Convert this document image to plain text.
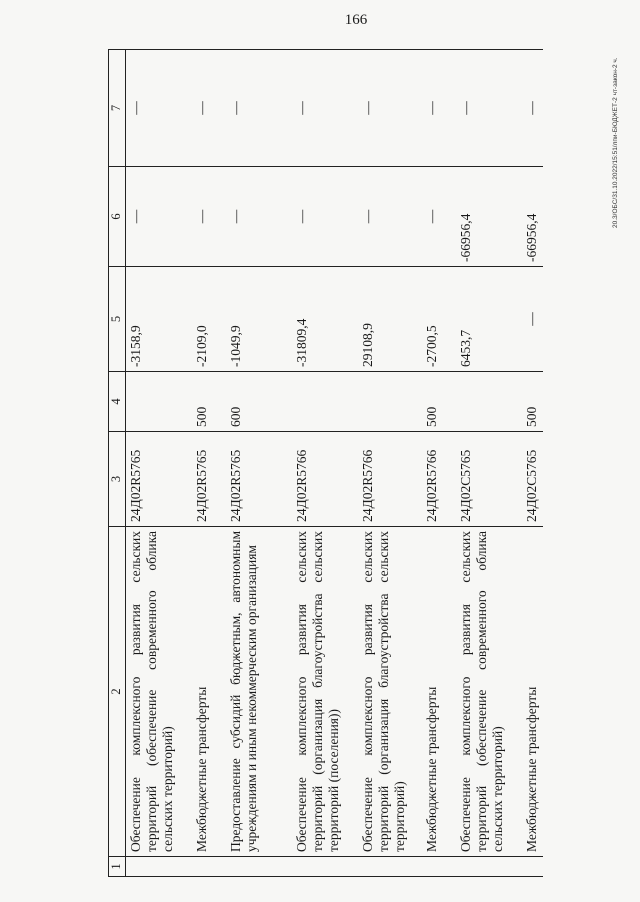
166
1	2	3	4	5	6	7
	Обеспечение комплексного развития сельских территорий (обеспечение современного облика сельских территорий)	24Д02R5765		-3158,9	—	—
	Межбюджетные трансферты	24Д02R5765	500	-2109,0	—	—
	Предоставление субсидий бюджетным, автономным учреждениям и иным некоммерческим организациям	24Д02R5765	600	-1049,9	—	—
	Обеспечение комплексного развития сельских территорий (организация благоустройства сельских территорий (поселения))	24Д02R5766		-31809,4	—	—
	Обеспечение комплексного развития сельских территорий (организация благоустройства сельских территорий)	24Д02R5766		29108,9	—	—
	Межбюджетные трансферты	24Д02R5766	500	-2700,5	—	—
	Обеспечение комплексного развития сельских территорий (обеспечение современного облика сельских территорий)	24Д02С5765		6453,7	-66956,4	—
	Межбюджетные трансферты	24Д02С5765	500	—	-66956,4	—	20.3/ОБС/31.10.2022/15:51/лпи-БЮДЖЕТ-2 чт-закон-2 ч.
